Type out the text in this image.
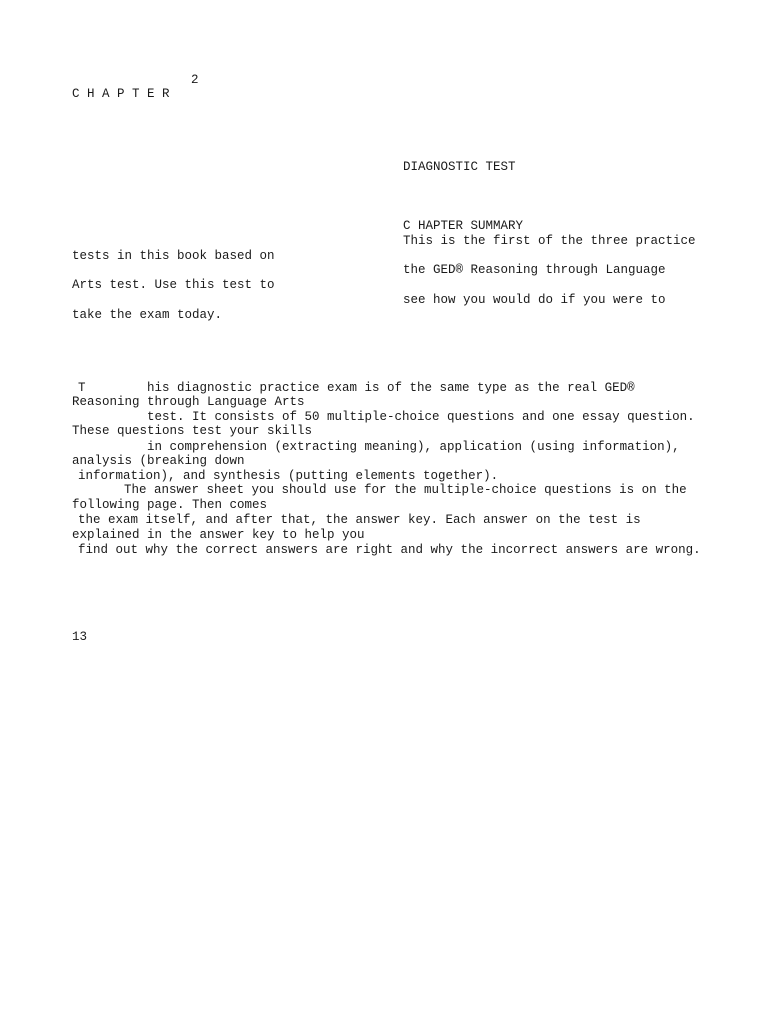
2
C H A P T E R
DIAGNOSTIC TEST
C HAPTER SUMMARY
This is the first of the three practice
tests in this book based on
the GED® Reasoning through Language
Arts test. Use this test to
see how you would do if you were to
take the exam today.
T	his diagnostic practice exam is of the same type as the real GED®
Reasoning through Language Arts
test. It consists of 50 multiple-choice questions and one essay question.
These questions test your skills
in comprehension (extracting meaning), application (using information),
analysis (breaking down
information), and synthesis (putting elements together).
The answer sheet you should use for the multiple-choice questions is on the
following page. Then comes
the exam itself, and after that, the answer key. Each answer on the test is
explained in the answer key to help you
find out why the correct answers are right and why the incorrect answers are wrong.
13
